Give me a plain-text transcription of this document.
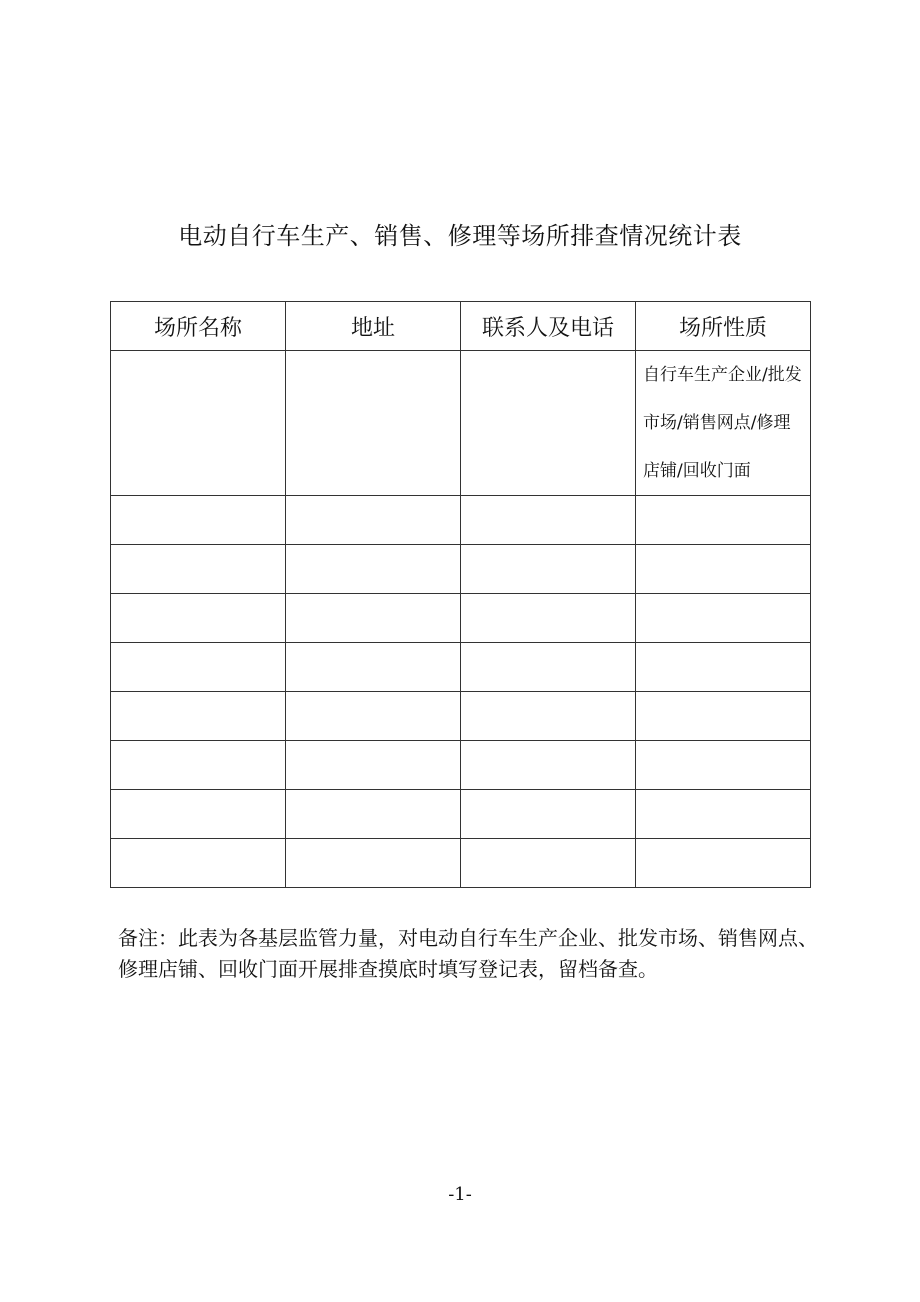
电动自行车生产、销售、修理等场所排查情况统计表
场所名称	地址	联系人及电话	场所性质
			自行车生产企业/批发市场/销售网点/修理店铺/回收门面

备注：此表为各基层监管力量，对电动自行车生产企业、批发市场、销售网点、修理店铺、回收门面开展排查摸底时填写登记表，留档备查。
-1-
